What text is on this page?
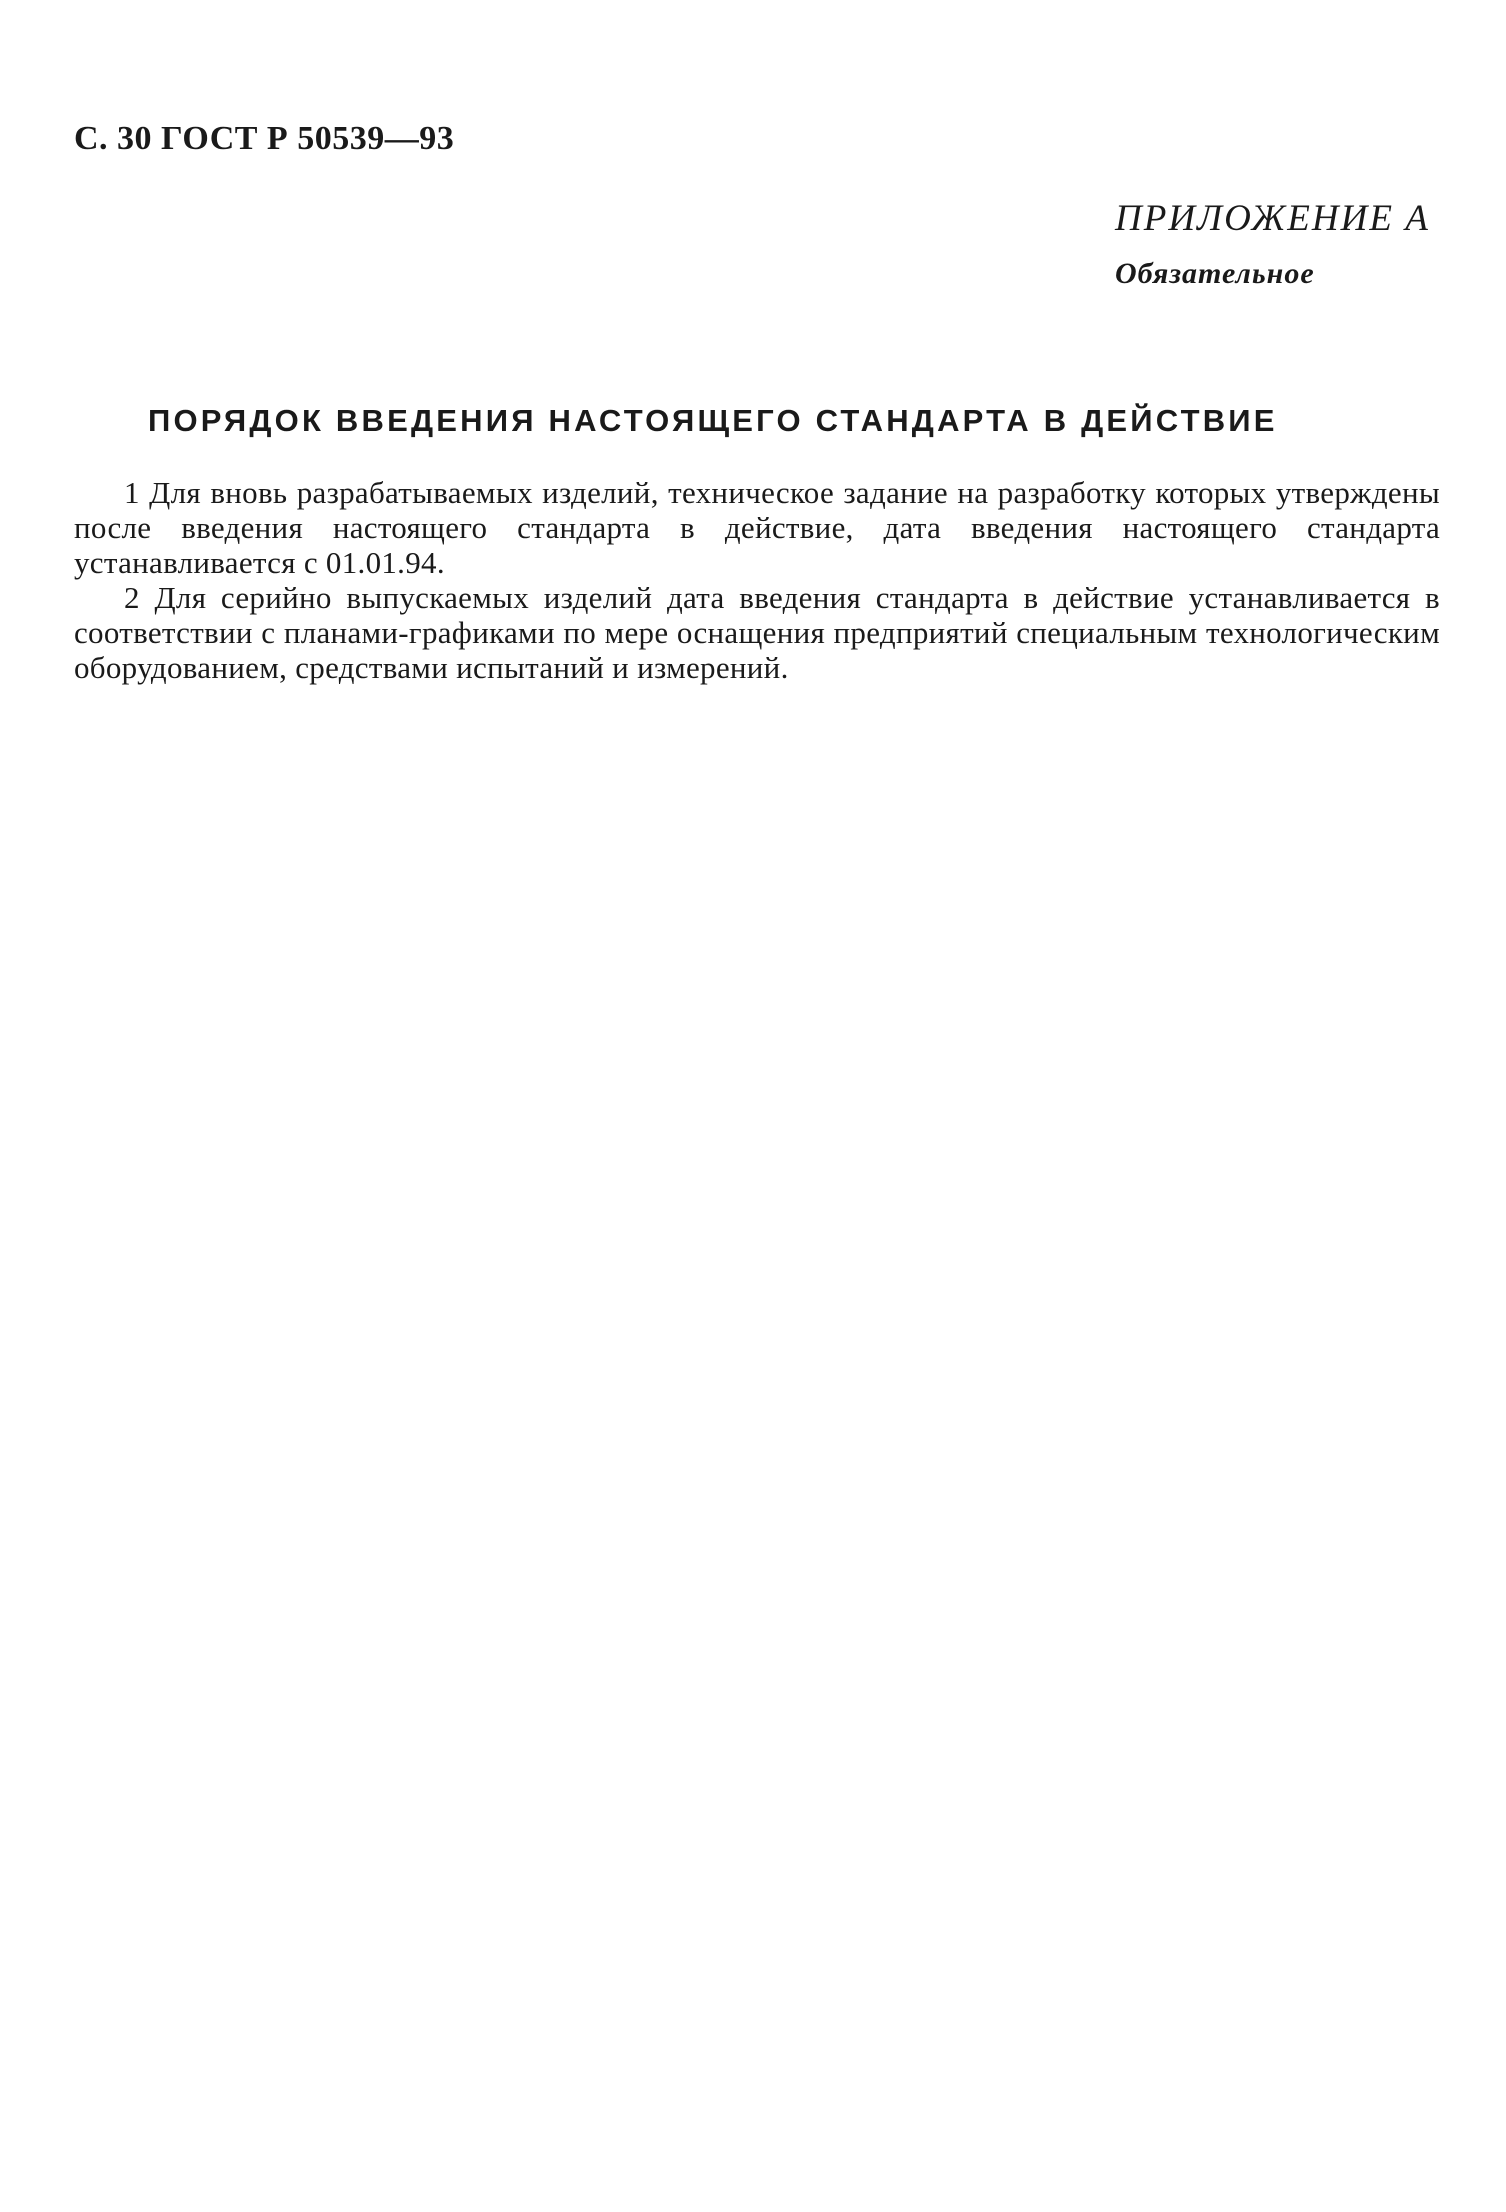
С. 30 ГОСТ Р 50539—93
ПРИЛОЖЕНИЕ А
Обязательное
ПОРЯДОК ВВЕДЕНИЯ НАСТОЯЩЕГО СТАНДАРТА В ДЕЙСТВИЕ

1 Для вновь разрабатываемых изделий, техническое задание на разработку которых утверждены после введения настоящего стандарта в действие, дата введения настоящего стандарта устанавливается с 01.01.94.

2 Для серийно выпускаемых изделий дата введения стандарта в действие устанавливается в соответствии с планами-графиками по мере оснащения предприятий специальным технологическим оборудованием, средствами испытаний и измерений.
